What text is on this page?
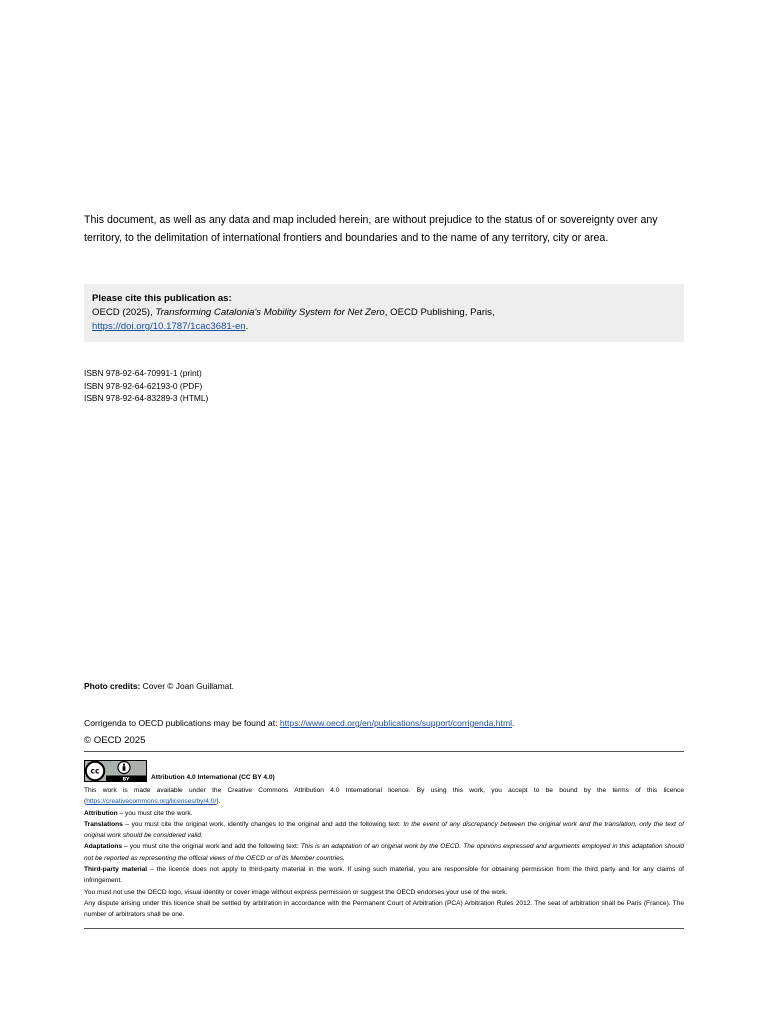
This document, as well as any data and map included herein, are without prejudice to the status of or sovereignty over any territory, to the delimitation of international frontiers and boundaries and to the name of any territory, city or area.
Please cite this publication as:
OECD (2025), Transforming Catalonia's Mobility System for Net Zero, OECD Publishing, Paris,
https://doi.org/10.1787/1cac3681-en.
ISBN 978-92-64-70991-1 (print)
ISBN 978-92-64-62193-0 (PDF)
ISBN 978-92-64-83289-3 (HTML)
Photo credits: Cover © Joan Guillamat.
Corrigenda to OECD publications may be found at: https://www.oecd.org/en/publications/support/corrigenda.html.
© OECD 2025
cc
BY	Attribution 4.0 International (CC BY 4.0)

This work is made available under the Creative Commons Attribution 4.0 International licence. By using this work, you accept to be bound by the terms of this licence (https://creativecommons.org/licenses/by/4.0/).

Attribution – you must cite the work.

Translations – you must cite the original work, identify changes to the original and add the following text: In the event of any discrepancy between the original work and the translation, only the text of original work should be considered valid.

Adaptations – you must cite the original work and add the following text: This is an adaptation of an original work by the OECD. The opinions expressed and arguments employed in this adaptation should not be reported as representing the official views of the OECD or of its Member countries.

Third-party material – the licence does not apply to third-party material in the work. If using such material, you are responsible for obtaining permission from the third party and for any claims of infringement.

You must not use the OECD logo, visual identity or cover image without express permission or suggest the OECD endorses your use of the work.

Any dispute arising under this licence shall be settled by arbitration in accordance with the Permanent Court of Arbitration (PCA) Arbitration Rules 2012. The seat of arbitration shall be Paris (France). The number of arbitrators shall be one.
